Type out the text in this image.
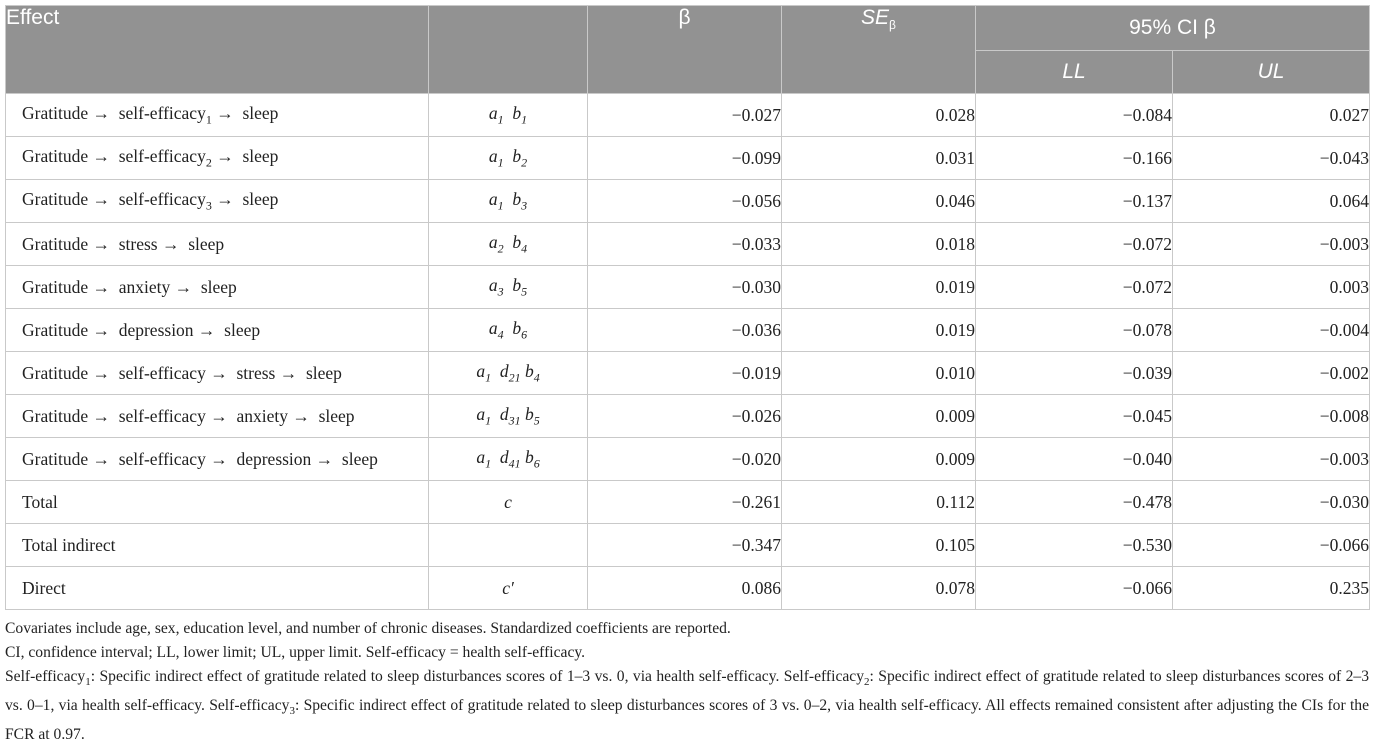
Effect		β	$SE_\beta$	95% CI β	
				LL	UL
Gratitude →  self-efficacy$_1$ →  sleep	$a_1$  $b_1$	−0.027	0.028	−0.084	0.027
Gratitude →  self-efficacy$_2$ →  sleep	$a_1$  $b_2$	−0.099	0.031	−0.166	−0.043
Gratitude →  self-efficacy$_3$ →  sleep	$a_1$  $b_3$	−0.056	0.046	−0.137	0.064
Gratitude →  stress →  sleep	$a_2$  $b_4$	−0.033	0.018	−0.072	−0.003
Gratitude →  anxiety →  sleep	$a_3$  $b_5$	−0.030	0.019	−0.072	0.003
Gratitude →  depression →  sleep	$a_4$  $b_6$	−0.036	0.019	−0.078	−0.004
Gratitude →  self-efficacy →  stress →  sleep	$a_1$  $d_{21}$ $b_4$	−0.019	0.010	−0.039	−0.002
Gratitude →  self-efficacy →  anxiety →  sleep	$a_1$  $d_{31}$ $b_5$	−0.026	0.009	−0.045	−0.008
Gratitude →  self-efficacy →  depression →  sleep	$a_1$  $d_{41}$ $b_6$	−0.020	0.009	−0.040	−0.003
Total	c	−0.261	0.112	−0.478	−0.030
Total indirect		−0.347	0.105	−0.530	−0.066
Direct	c′	0.086	0.078	−0.066	0.235

Covariates include age, sex, education level, and number of chronic diseases. Standardized coefficients are reported.

CI, confidence interval; LL, lower limit; UL, upper limit. Self-efficacy = health self-efficacy.

Self-efficacy$_1$: Specific indirect effect of gratitude related to sleep disturbances scores of 1–3 vs. 0, via health self-efficacy. Self-efficacy$_2$: Specific indirect effect of gratitude related to sleep disturbances scores of 2–3 vs. 0–1, via health self-efficacy. Self-efficacy$_3$: Specific indirect effect of gratitude related to sleep disturbances scores of 3 vs. 0–2, via health self-efficacy. All effects remained consistent after adjusting the CIs for the FCR at 0.97.
